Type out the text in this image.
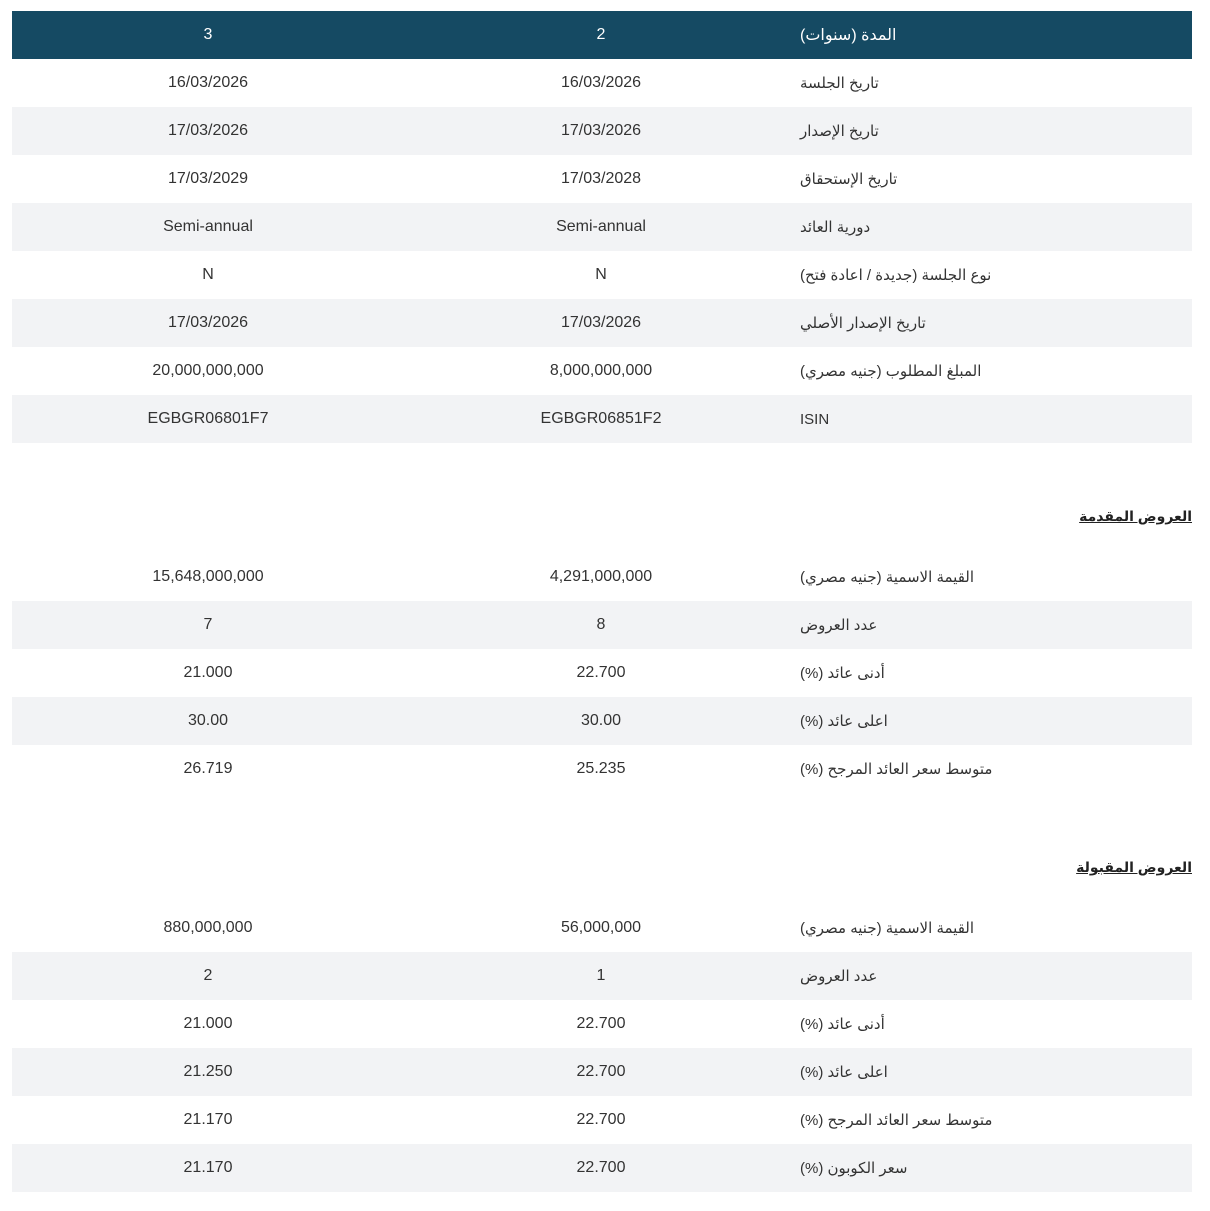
3	2	المدة (سنوات)
16/03/2026	16/03/2026	تاريخ الجلسة
17/03/2026	17/03/2026	تاريخ الإصدار
17/03/2029	17/03/2028	تاريخ الإستحقاق
Semi-annual	Semi-annual	دورية العائد
N	N	نوع الجلسة (جديدة / اعادة فتح)
17/03/2026	17/03/2026	تاريخ الإصدار الأصلي
20,000,000,000	8,000,000,000	المبلغ المطلوب (جنيه مصري)
EGBGR06801F7	EGBGR06851F2	ISIN
العروض المقدمة
15,648,000,000	4,291,000,000	القيمة الاسمية (جنيه مصري)
7	8	عدد العروض
21.000	22.700	أدنى عائد (%)
30.00	30.00	اعلى عائد (%)
26.719	25.235	متوسط سعر العائد المرجح (%)
العروض المقبولة
880,000,000	56,000,000	القيمة الاسمية (جنيه مصري)
2	1	عدد العروض
21.000	22.700	أدنى عائد (%)
21.250	22.700	اعلى عائد (%)
21.170	22.700	متوسط سعر العائد المرجح (%)
21.170	22.700	سعر الكوبون (%)
